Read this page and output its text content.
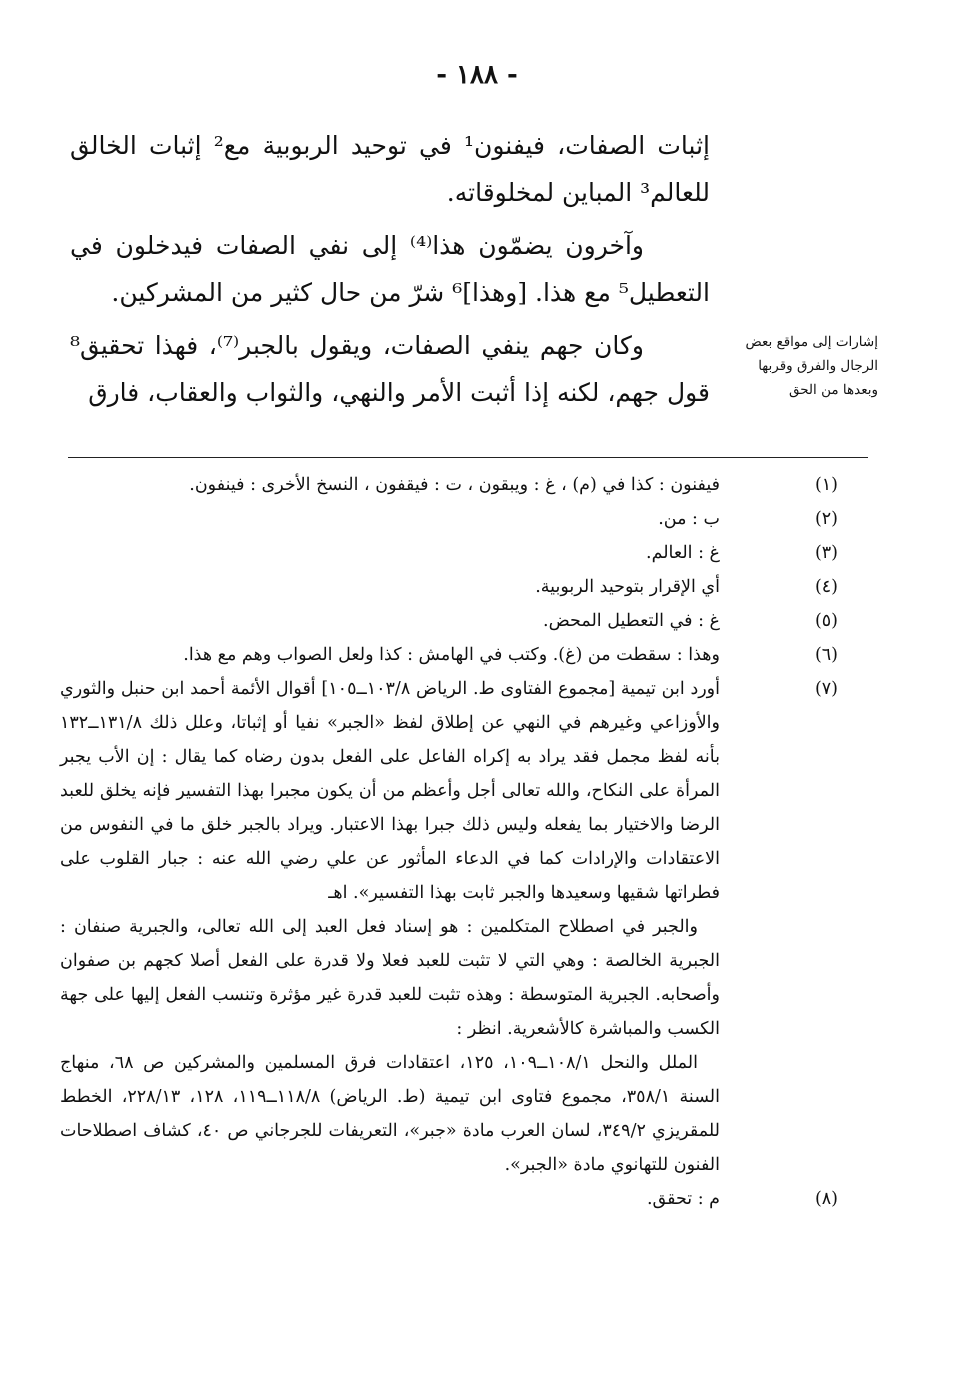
- ١٨٨ -

إثبات الصفات، فيفنون¹ في توحيد الربوبية مع² إثبات الخالق للعالم³ المباين لمخلوقاته.

وآخرون يضمّون هذا⁽⁴⁾ إلى نفي الصفات فيدخلون في التعطيل⁵ مع هذا. [وهذا]⁶ شرّ من حال كثير من المشركين.

وكان جهم ينفي الصفات، ويقول بالجبر⁽⁷⁾، فهذا تحقيق⁸ قول جهم، لكنه إذا أثبت الأمر والنهي، والثواب والعقاب، فارق

إشارات إلى مواقع بعض الرجال والفرق وقربها وبعدها من الحق
(١)
فيفنون : كذا في (م) ، غ : ويبقون ، ت : فيقفون ، النسخ الأخرى : فينفون.
(٢)
ب : من.
(٣)
غ : العالم.
(٤)
أي الإقرار بتوحيد الربوبية.
(٥)
غ : في التعطيل المحض.
(٦)
وهذا : سقطت من (غ). وكتب في الهامش : كذا ولعل الصواب وهم مع هذا.
(٧)
أورد ابن تيمية [مجموع الفتاوى ط. الرياض ١٠٣/٨ــ١٠٥] أقوال الأئمة أحمد ابن حنبل والثوري والأوزاعي وغيرهم في النهي عن إطلاق لفظ «الجبر» نفيا أو إثباتا، وعلل ذلك ١٣١/٨ــ١٣٢ بأنه لفظ مجمل فقد يراد به إكراه الفاعل على الفعل بدون رضاه كما يقال : إن الأب يجبر المرأة على النكاح، والله تعالى أجل وأعظم من أن يكون مجبرا بهذا التفسير فإنه يخلق للعبد الرضا والاختيار بما يفعله وليس ذلك جبرا بهذا الاعتبار. ويراد بالجبر خلق ما في النفوس من الاعتقادات والإرادات كما في الدعاء المأثور عن علي رضي الله عنه : جبار القلوب على فطراتها شقيها وسعيدها والجبر ثابت بهذا التفسير». اهـ

والجبر في اصطلاح المتكلمين : هو إسناد فعل العبد إلى الله تعالى، والجبرية صنفان : الجبرية الخالصة : وهي التي لا تثبت للعبد فعلا ولا قدرة على الفعل أصلا كجهم بن صفوان وأصحابه. الجبرية المتوسطة : وهذه تثبت للعبد قدرة غير مؤثرة وتنسب الفعل إليها على جهة الكسب والمباشرة كالأشعرية. انظر :

الملل والنحل ١٠٨/١ــ١٠٩، ١٢٥، اعتقادات فرق المسلمين والمشركين ص ٦٨، منهاج السنة ٣٥٨/١، مجموع فتاوى ابن تيمية (ط. الرياض) ١١٨/٨ــ١١٩، ١٢٨، ٢٢٨/١٣، الخطط للمقريزي ٣٤٩/٢، لسان العرب مادة «جبر»، التعريفات للجرجاني ص ٤٠، كشاف اصطلاحات الفنون للتهانوي مادة «الجبر».

(٨)
م : تحقق.
